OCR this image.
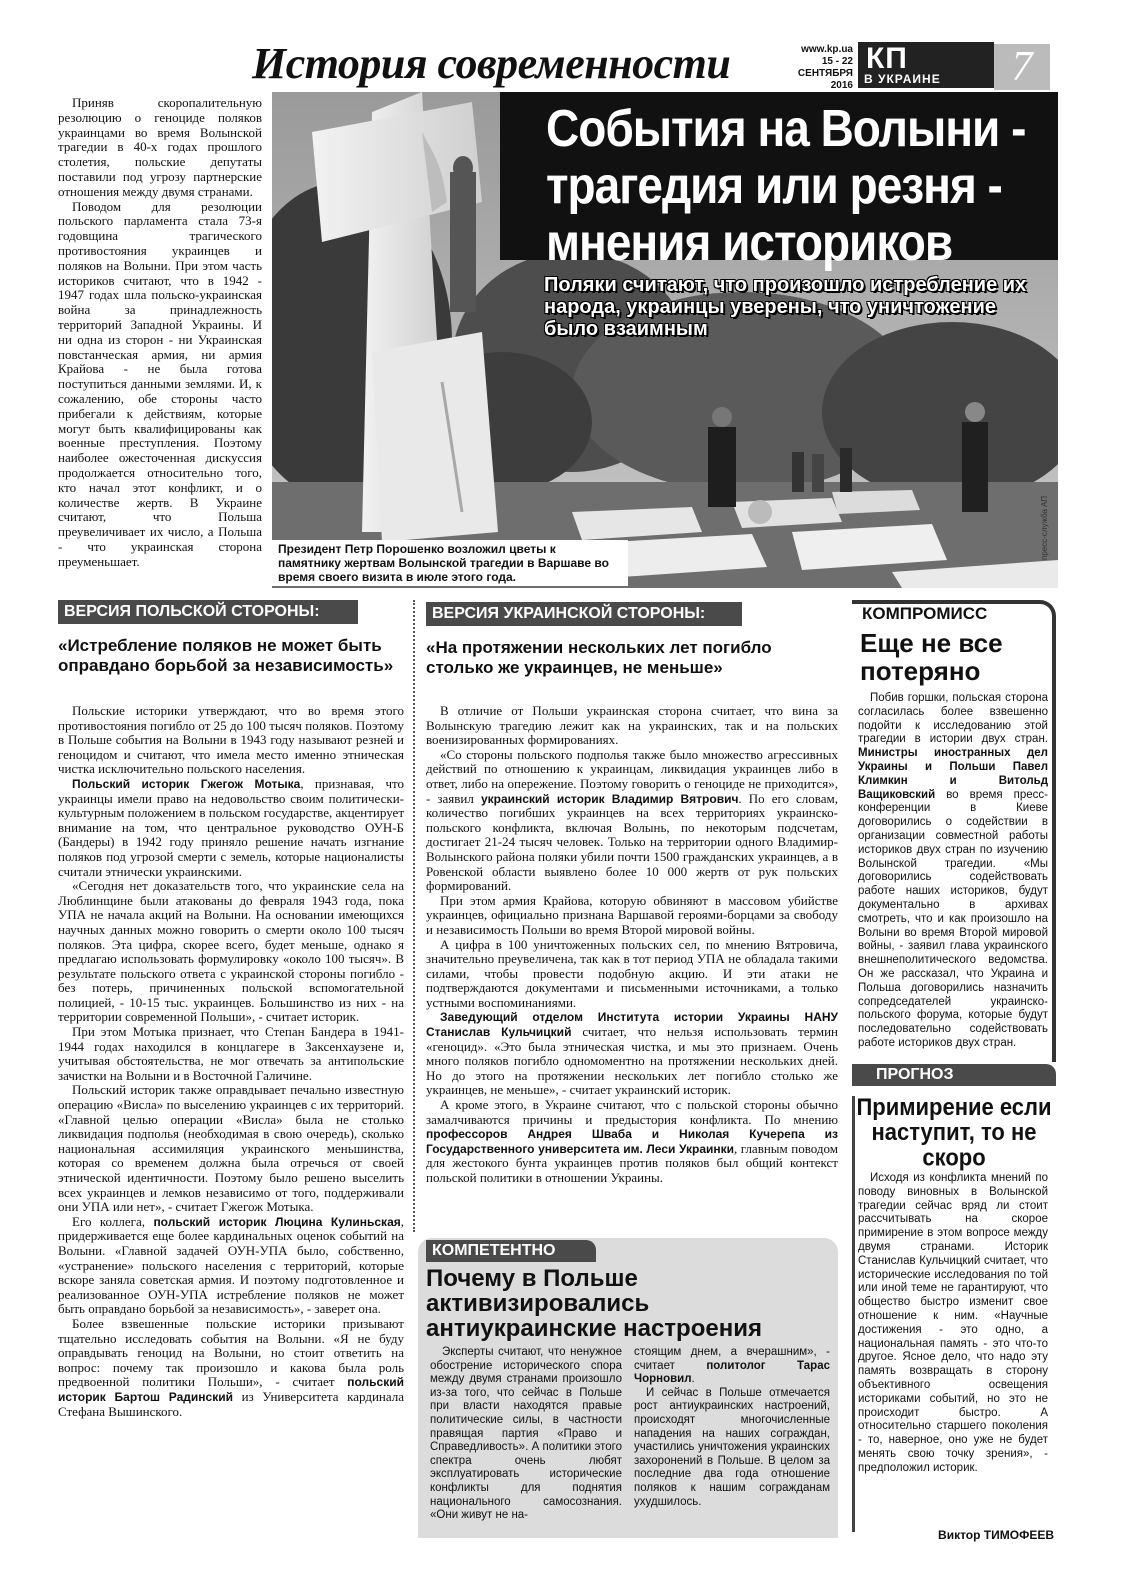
История современности	www.kp.ua
15 - 22 СЕНТЯБРЯ
2016
КП
В УКРАИНЕ	7

Приняв скоропалительную резолюцию о геноциде поляков украинцами во время Волынской трагедии в 40-х годах прошлого столетия, польские депутаты поставили под угрозу партнерские отношения между двумя странами.

Поводом для резолюции польского парламента стала 73-я годовщина трагического противостояния украинцев и поляков на Волыни. При этом часть историков считают, что в 1942 - 1947 годах шла польско-украинская война за принадлежность территорий Западной Украины. И ни одна из сторон - ни Украинская повстанческая армия, ни армия Крайова - не была готова поступиться данными землями. И, к сожалению, обе стороны часто прибегали к действиям, которые могут быть квалифицированы как военные преступления. Поэтому наиболее ожесточенная дискуссия продолжается относительно того, кто начал этот конфликт, и о количестве жертв. В Украине считают, что Польша преувеличивает их число, а Польша - что украинская сторона преуменьшает.

События на Волыни - трагедия или резня - мнения историков
Поляки считают, что произошло истребление их народа, украинцы уверены, что уничтожение было взаимным
Президент Петр Порошенко возложил цветы к памятнику жертвам Волынской трагедии в Варшаве во время своего визита в июле этого года.
пресс-служба АП
ВЕРСИЯ ПОЛЬСКОЙ СТОРОНЫ:
«Истребление поляков не может быть оправдано борьбой за независимость»

Польские историки утверждают, что во время этого противостояния погибло от 25 до 100 тысяч поляков. Поэтому в Польше события на Волыни в 1943 году называют резней и геноцидом и считают, что имела место именно этническая чистка исключительно польского населения.

Польский историк Гжегож Мотыка, признавая, что украинцы имели право на недовольство своим политически-культурным положением в польском государстве, акцентирует внимание на том, что центральное руководство ОУН-Б (Бандеры) в 1942 году приняло решение начать изгнание поляков под угрозой смерти с земель, которые националисты считали этнически украинскими.

«Сегодня нет доказательств того, что украинские села на Люблинщине были атакованы до февраля 1943 года, пока УПА не начала акций на Волыни. На основании имеющихся научных данных можно говорить о смерти около 100 тысяч поляков. Эта цифра, скорее всего, будет меньше, однако я предлагаю использовать формулировку «около 100 тысяч». В результате польского ответа с украинской стороны погибло - без потерь, причиненных польской вспомогательной полицией, - 10-15 тыс. украинцев. Большинство из них - на территории современной Польши», - считает историк.

При этом Мотыка признает, что Степан Бандера в 1941-1944 годах находился в концлагере в Заксенхаузене и, учитывая обстоятельства, не мог отвечать за антипольские зачистки на Волыни и в Восточной Галичине.

Польский историк также оправдывает печально известную операцию «Висла» по выселению украинцев с их территорий. «Главной целью операции «Висла» была не столько ликвидация подполья (необходимая в свою очередь), сколько национальная ассимиляция украинского меньшинства, которая со временем должна была отречься от своей этнической идентичности. Поэтому было решено выселить всех украинцев и лемков независимо от того, поддерживали они УПА или нет», - считает Гжегож Мотыка.

Его коллега, польский историк Люцина Кулиньская, придерживается еще более кардинальных оценок событий на Волыни. «Главной задачей ОУН-УПА было, собственно, «устранение» польского населения с территорий, которые вскоре заняла советская армия. И поэтому подготовленное и реализованное ОУН-УПА истребление поляков не может быть оправдано борьбой за независимость», - заверет она.

Более взвешенные польские историки призывают тщательно исследовать события на Волыни. «Я не буду оправдывать геноцид на Волыни, но стоит ответить на вопрос: почему так произошло и какова была роль предвоенной политики Польши», - считает польский историк Бартош Радинский из Университета кардинала Стефана Вышинского.

ВЕРСИЯ УКРАИНСКОЙ СТОРОНЫ:
«На протяжении нескольких лет погибло столько же украинцев, не меньше»

В отличие от Польши украинская сторона считает, что вина за Волынскую трагедию лежит как на украинских, так и на польских военизированных формированиях.

«Со стороны польского подполья также было множество агрессивных действий по отношению к украинцам, ликвидация украинцев либо в ответ, либо на опережение. Поэтому говорить о геноциде не приходится», - заявил украинский историк Владимир Вятрович. По его словам, количество погибших украинцев на всех территориях украинско-польского конфликта, включая Волынь, по некоторым подсчетам, достигает 21-24 тысяч человек. Только на территории одного Владимир-Волынского района поляки убили почти 1500 гражданских украинцев, а в Ровенской области выявлено более 10 000 жертв от рук польских формирований.

При этом армия Крайова, которую обвиняют в массовом убийстве украинцев, официально признана Варшавой героями-борцами за свободу и независимость Польши во время Второй мировой войны.

А цифра в 100 уничтоженных польских сел, по мнению Вятровича, значительно преувеличена, так как в тот период УПА не обладала такими силами, чтобы провести подобную акцию. И эти атаки не подтверждаются документами и письменными источниками, а только устными воспоминаниями.

Заведующий отделом Института истории Украины НАНУ Станислав Кульчицкий считает, что нельзя использовать термин «геноцид». «Это была этническая чистка, и мы это признаем. Очень много поляков погибло одномоментно на протяжении нескольких дней. Но до этого на протяжении нескольких лет погибло столько же украинцев, не меньше», - считает украинский историк.

А кроме этого, в Украине считают, что с польской стороны обычно замалчиваются причины и предыстория конфликта. По мнению профессоров Андрея Шваба и Николая Кучерепа из Государственного университета им. Леси Украинки, главным поводом для жестокого бунта украинцев против поляков был общий контекст польской политики в отношении Украины.

КОМПЕТЕНТНО
Почему в Польше активизировались антиукраинские настроения

Эксперты считают, что ненужное обострение исторического спора между двумя странами произошло из-за того, что сейчас в Польше при власти находятся правые политические силы, в частности правящая партия «Право и Справедливость». А политики этого спектра очень любят эксплуатировать исторические конфликты для поднятия национального самосознания. «Они живут не на-

стоящим днем, а вчерашним», - считает политолог Тарас Чорновил.

И сейчас в Польше отмечается рост антиукраинских настроений, происходят многочисленные нападения на наших сограждан, участились уничтожения украинских захоронений в Польше. В целом за последние два года отношение поляков к нашим согражданам ухудшилось.

КОМПРОМИСС
Еще не все потеряно

Побив горшки, польская сторона согласилась более взвешенно подойти к исследованию этой трагедии в истории двух стран. Министры иностранных дел Украины и Польши Павел Климкин и Витольд Ващиковский во время пресс-конференции в Киеве договорились о содействии в организации совместной работы историков двух стран по изучению Волынской трагедии. «Мы договорились содействовать работе наших историков, будут документально в архивах смотреть, что и как произошло на Волыни во время Второй мировой войны, - заявил глава украинского внешнеполитического ведомства. Он же рассказал, что Украина и Польша договорились назначить сопредседателей украинско-польского форума, которые будут последовательно содействовать работе историков двух стран.

ПРОГНОЗ
Примирение если наступит, то не скоро

Исходя из конфликта мнений по поводу виновных в Волынской трагедии сейчас вряд ли стоит рассчитывать на скорое примирение в этом вопросе между двумя странами. Историк Станислав Кульчицкий считает, что исторические исследования по той или иной теме не гарантируют, что общество быстро изменит свое отношение к ним. «Научные достижения - это одно, а национальная память - это что-то другое. Ясное дело, что надо эту память возвращать в сторону объективного освещения историками событий, но это не происходит быстро. А относительно старшего поколения - то, наверное, оно уже не будет менять свою точку зрения», - предположил историк.

Виктор ТИМОФЕЕВ
